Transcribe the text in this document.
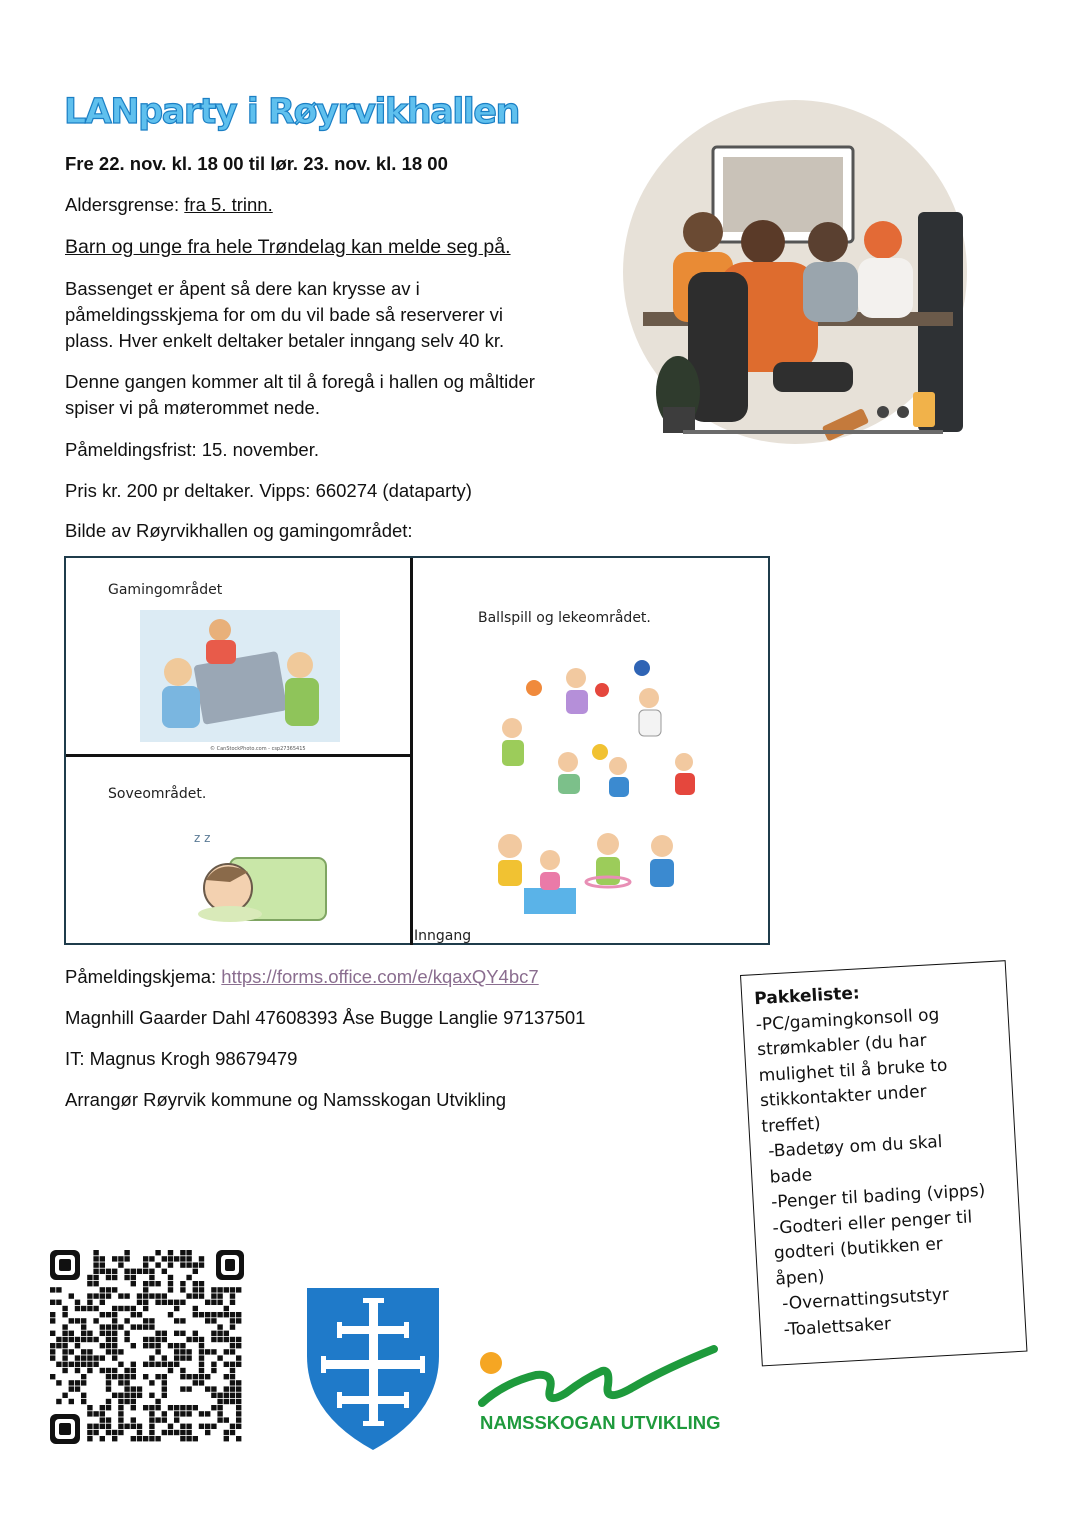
LANparty i Røyrvikhallen
Fre 22. nov. kl. 18 00 til lør. 23. nov. kl. 18 00
Aldersgrense: fra 5. trinn.
Barn og unge fra hele Trøndelag kan melde seg på.
Bassenget er åpent så dere kan krysse av i
påmeldingsskjema for om du vil bade så reserverer vi
plass. Hver enkelt deltaker betaler inngang selv 40 kr.
Denne gangen kommer alt til å foregå i hallen og måltider
spiser vi på møterommet nede.
Påmeldingsfrist: 15. november.
Pris kr. 200 pr deltaker. Vipps: 660274 (dataparty)
Bilde av Røyrvikhallen og gamingområdet:
Gamingområdet
© CanStockPhoto.com - csp27365415
Soveområdet.
z z
Ballspill og lekeområdet.
Inngang
Påmeldingskjema: https://forms.office.com/e/kqaxQY4bc7
Magnhill Gaarder Dahl 47608393 Åse Bugge Langlie 97137501
IT: Magnus Krogh 98679479
Arrangør Røyrvik kommune og Namsskogan Utvikling
Pakkeliste:
-PC/gamingkonsoll og
strømkabler (du har
mulighet til å bruke to
stikkontakter under
treffet)
-Badetøy om du skal
bade
-Penger til bading (vipps)
-Godteri eller penger til
godteri (butikken er
åpen)
-Overnattingsutstyr
-Toalettsaker
NAMSSKOGAN UTVIKLING
